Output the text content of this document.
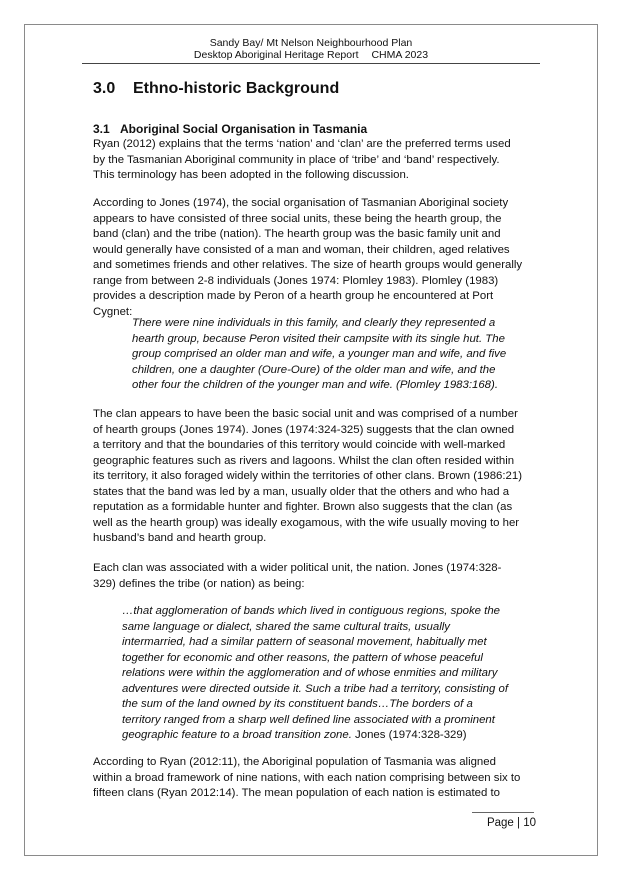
Sandy Bay/ Mt Nelson Neighbourhood Plan
Desktop Aboriginal Heritage Report CHMA 2023
3.0 Ethno-historic Background
3.1 Aboriginal Social Organisation in Tasmania
Ryan (2012) explains that the terms ‘nation’ and ‘clan’ are the preferred terms used by the Tasmanian Aboriginal community in place of ‘tribe’ and ‘band’ respectively. This terminology has been adopted in the following discussion.
According to Jones (1974), the social organisation of Tasmanian Aboriginal society appears to have consisted of three social units, these being the hearth group, the band (clan) and the tribe (nation). The hearth group was the basic family unit and would generally have consisted of a man and woman, their children, aged relatives and sometimes friends and other relatives. The size of hearth groups would generally range from between 2-8 individuals (Jones 1974: Plomley 1983). Plomley (1983) provides a description made by Peron of a hearth group he encountered at Port Cygnet:
There were nine individuals in this family, and clearly they represented a hearth group, because Peron visited their campsite with its single hut. The group comprised an older man and wife, a younger man and wife, and five children, one a daughter (Oure-Oure) of the older man and wife, and the other four the children of the younger man and wife. (Plomley 1983:168).
The clan appears to have been the basic social unit and was comprised of a number of hearth groups (Jones 1974). Jones (1974:324-325) suggests that the clan owned a territory and that the boundaries of this territory would coincide with well-marked geographic features such as rivers and lagoons. Whilst the clan often resided within its territory, it also foraged widely within the territories of other clans. Brown (1986:21) states that the band was led by a man, usually older that the others and who had a reputation as a formidable hunter and fighter. Brown also suggests that the clan (as well as the hearth group) was ideally exogamous, with the wife usually moving to her husband’s band and hearth group.
Each clan was associated with a wider political unit, the nation. Jones (1974:328-329) defines the tribe (or nation) as being:
…that agglomeration of bands which lived in contiguous regions, spoke the same language or dialect, shared the same cultural traits, usually intermarried, had a similar pattern of seasonal movement, habitually met together for economic and other reasons, the pattern of whose peaceful relations were within the agglomeration and of whose enmities and military adventures were directed outside it. Such a tribe had a territory, consisting of the sum of the land owned by its constituent bands…The borders of a territory ranged from a sharp well defined line associated with a prominent geographic feature to a broad transition zone. Jones (1974:328-329)
According to Ryan (2012:11), the Aboriginal population of Tasmania was aligned within a broad framework of nine nations, with each nation comprising between six to fifteen clans (Ryan 2012:14). The mean population of each nation is estimated to
Page | 10
